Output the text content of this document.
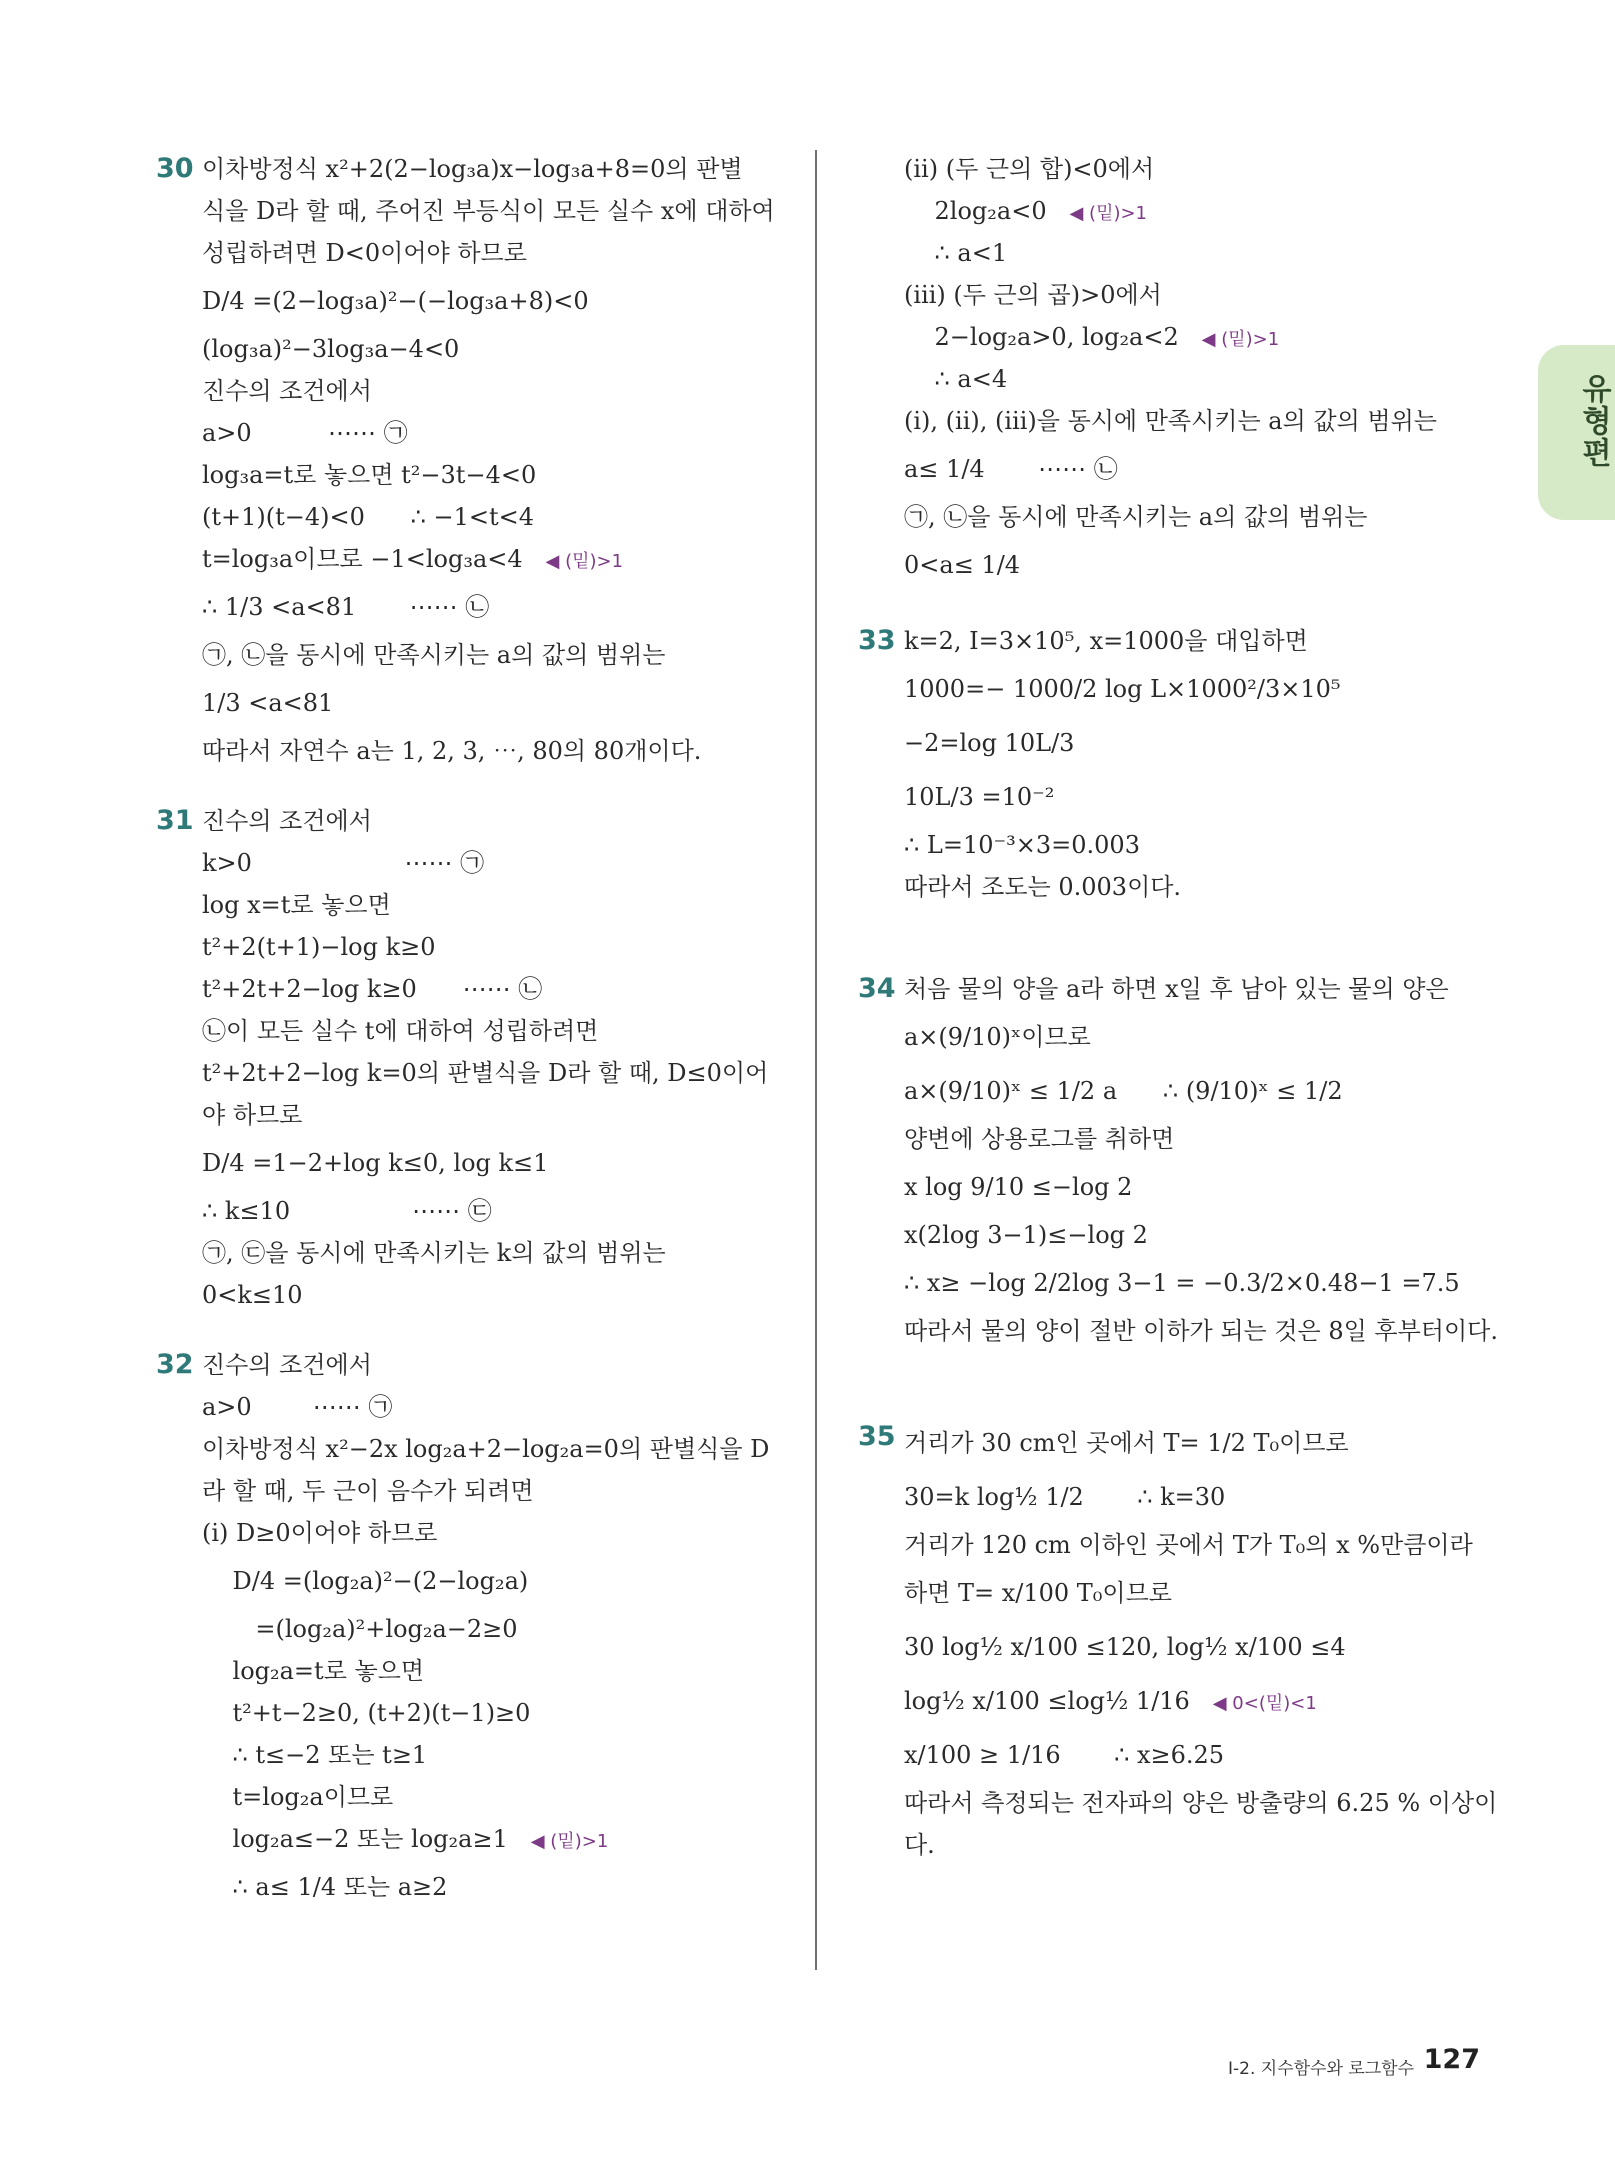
30 이차방정식 x²+2(2−log₃a)x−log₃a+8=0의 판별
식을 D라 할 때, 주어진 부등식이 모든 실수 x에 대하여
성립하려면 D<0이어야 하므로
D/4 =(2−log₃a)²−(−log₃a+8)<0
(log₃a)²−3log₃a−4<0
진수의 조건에서
a>0          ⋯⋯ ㉠
log₃a=t로 놓으면 t²−3t−4<0
(t+1)(t−4)<0      ∴ −1<t<4
t=log₃a이므로 −1<log₃a<4    ◀ (밑)>1
∴ 1/3 <a<81       ⋯⋯ ㉡
㉠, ㉡을 동시에 만족시키는 a의 값의 범위는
1/3 <a<81
따라서 자연수 a는 1, 2, 3, ⋯, 80의 80개이다.
31 진수의 조건에서
k>0                    ⋯⋯ ㉠
log x=t로 놓으면
t²+2(t+1)−log k≥0
t²+2t+2−log k≥0      ⋯⋯ ㉡
㉡이 모든 실수 t에 대하여 성립하려면
t²+2t+2−log k=0의 판별식을 D라 할 때, D≤0이어
야 하므로
D/4 =1−2+log k≤0, log k≤1
∴ k≤10                ⋯⋯ ㉢
㉠, ㉢을 동시에 만족시키는 k의 값의 범위는
0<k≤10
32 진수의 조건에서
a>0        ⋯⋯ ㉠
이차방정식 x²−2x log₂a+2−log₂a=0의 판별식을 D
라 할 때, 두 근이 음수가 되려면
(ⅰ) D≥0이어야 하므로
D/4 =(log₂a)²−(2−log₂a)
=(log₂a)²+log₂a−2≥0
log₂a=t로 놓으면
t²+t−2≥0, (t+2)(t−1)≥0
∴ t≤−2 또는 t≥1
t=log₂a이므로
log₂a≤−2 또는 log₂a≥1    ◀ (밑)>1
∴ a≤ 1/4 또는 a≥2
(ⅱ) (두 근의 합)<0에서
2log₂a<0    ◀ (밑)>1
∴ a<1
(ⅲ) (두 근의 곱)>0에서
2−log₂a>0, log₂a<2    ◀ (밑)>1
∴ a<4
(ⅰ), (ⅱ), (ⅲ)을 동시에 만족시키는 a의 값의 범위는
a≤ 1/4       ⋯⋯ ㉡
㉠, ㉡을 동시에 만족시키는 a의 값의 범위는
0<a≤ 1/4
33 k=2, I=3×10⁵, x=1000을 대입하면
1000=− 1000/2 log L×1000²/3×10⁵
−2=log 10L/3
10L/3 =10⁻²
∴ L=10⁻³×3=0.003
따라서 조도는 0.003이다.
34 처음 물의 양을 a라 하면 x일 후 남아 있는 물의 양은
a×(9/10)ˣ이므로
a×(9/10)ˣ ≤ 1/2 a      ∴ (9/10)ˣ ≤ 1/2
양변에 상용로그를 취하면
x log 9/10 ≤−log 2
x(2log 3−1)≤−log 2
∴ x≥ −log 2/2log 3−1 = −0.3/2×0.48−1 =7.5
따라서 물의 양이 절반 이하가 되는 것은 8일 후부터이다.
35 거리가 30 cm인 곳에서 T= 1/2 T₀이므로
30=k log½ 1/2       ∴ k=30
거리가 120 cm 이하인 곳에서 T가 T₀의 x %만큼이라
하면 T= x/100 T₀이므로
30 log½ x/100 ≤120, log½ x/100 ≤4
log½ x/100 ≤log½ 1/16    ◀ 0<(밑)<1
x/100 ≥ 1/16       ∴ x≥6.25
따라서 측정되는 전자파의 양은 방출량의 6.25 % 이상이
다.
유형편
Ⅰ-2. 지수함수와 로그함수 127
